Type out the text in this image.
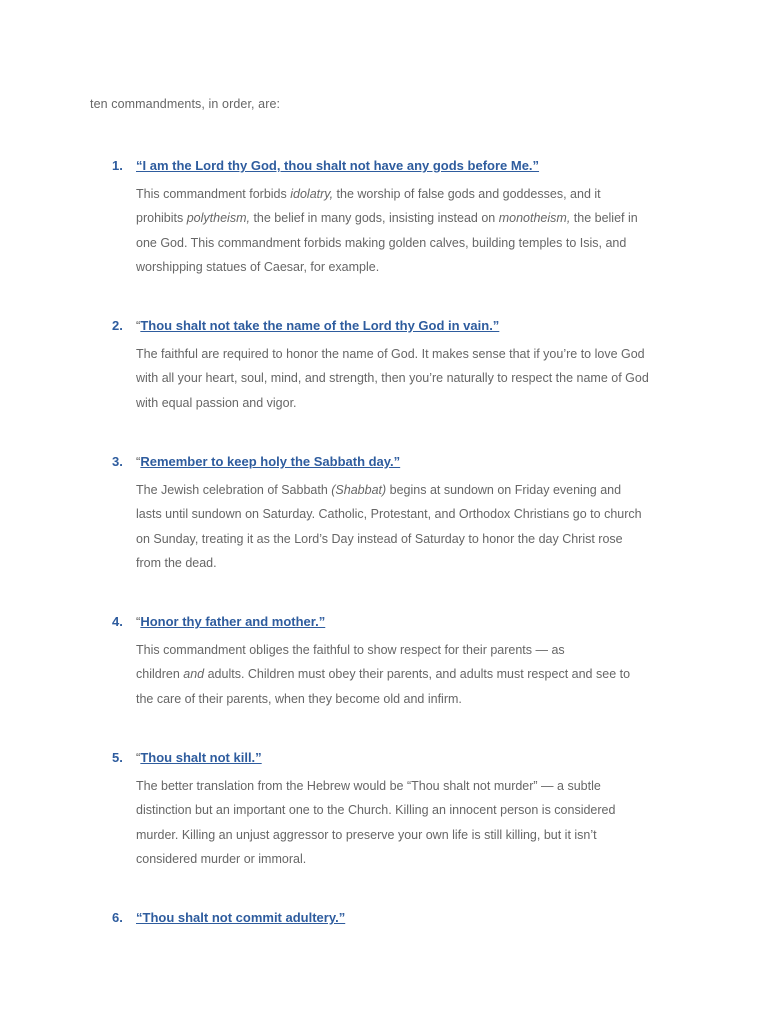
ten commandments, in order, are:
1. “I am the Lord thy God, thou shalt not have any gods before Me.”

This commandment forbids idolatry, the worship of false gods and goddesses, and it
prohibits polytheism, the belief in many gods, insisting instead on monotheism, the belief in
one God. This commandment forbids making golden calves, building temples to Isis, and
worshipping statues of Caesar, for example.

2. “Thou shalt not take the name of the Lord thy God in vain.”

The faithful are required to honor the name of God. It makes sense that if you’re to love God
with all your heart, soul, mind, and strength, then you’re naturally to respect the name of God
with equal passion and vigor.

3. “Remember to keep holy the Sabbath day.”

The Jewish celebration of Sabbath (Shabbat) begins at sundown on Friday evening and
lasts until sundown on Saturday. Catholic, Protestant, and Orthodox Christians go to church
on Sunday, treating it as the Lord’s Day instead of Saturday to honor the day Christ rose
from the dead.

4. “Honor thy father and mother.”

This commandment obliges the faithful to show respect for their parents — as
children and adults. Children must obey their parents, and adults must respect and see to
the care of their parents, when they become old and infirm.

5. “Thou shalt not kill.”

The better translation from the Hebrew would be “Thou shalt not murder” — a subtle
distinction but an important one to the Church. Killing an innocent person is considered
murder. Killing an unjust aggressor to preserve your own life is still killing, but it isn’t
considered murder or immoral.

6. “Thou shalt not commit adultery.”
